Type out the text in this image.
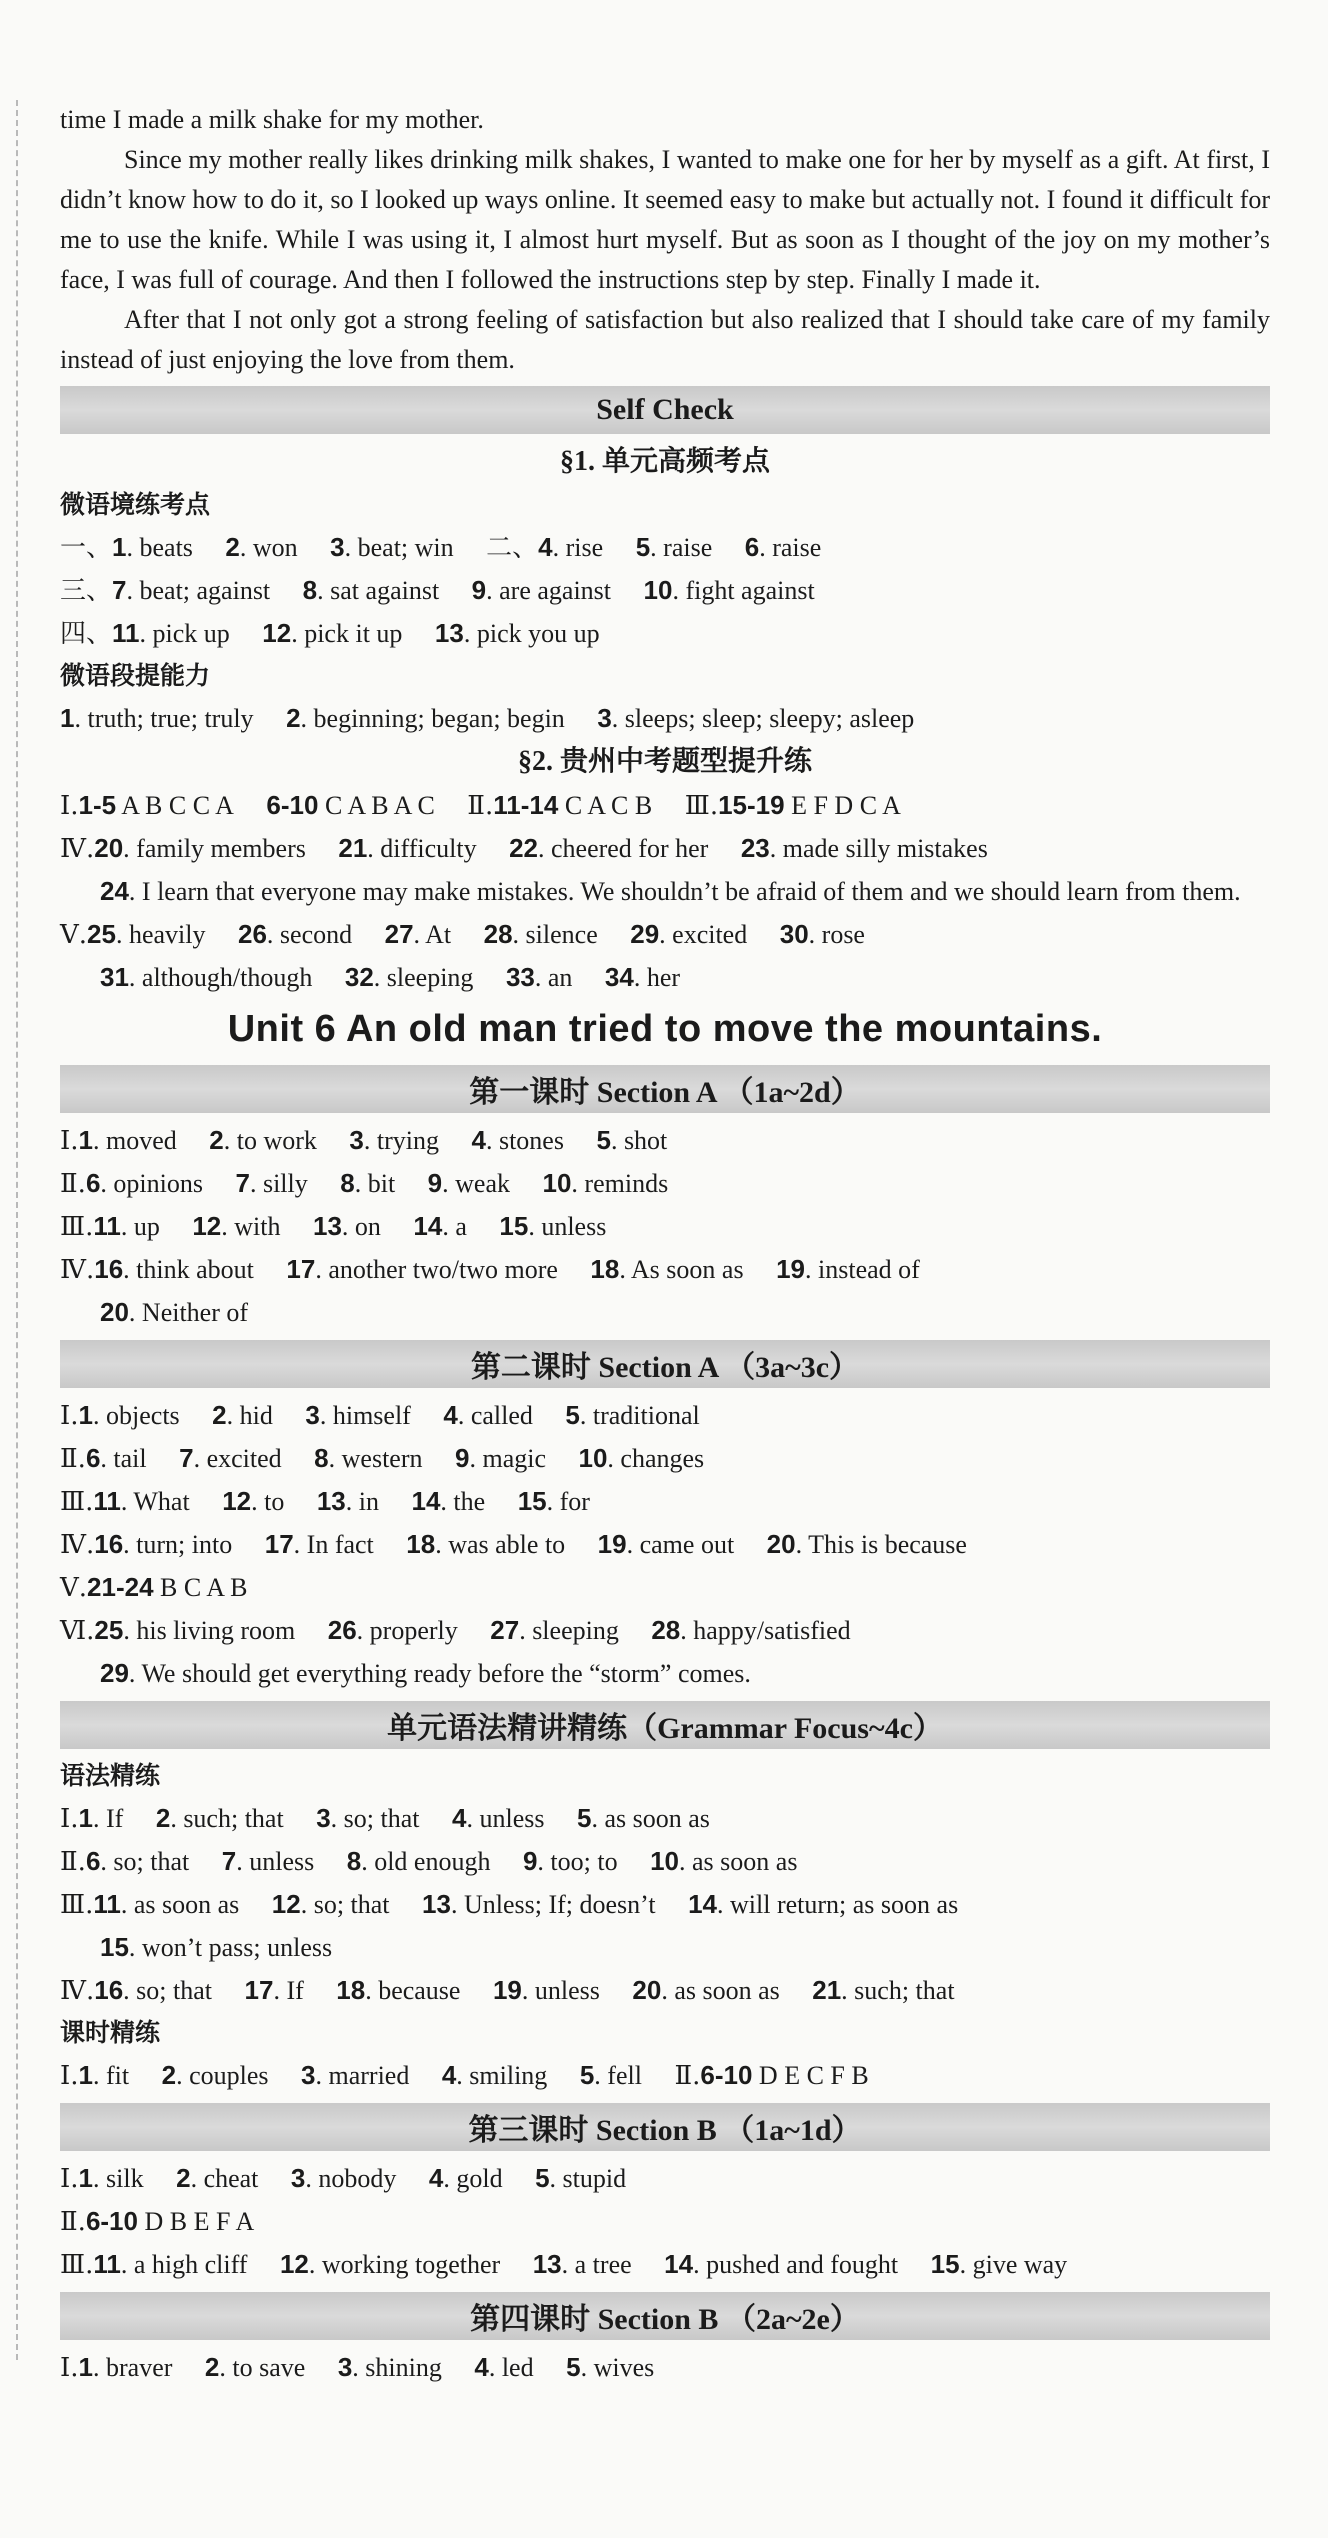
time I made a milk shake for my mother.

Since my mother really likes drinking milk shakes, I wanted to make one for her by myself as a gift. At first, I didn’t know how to do it, so I looked up ways online. It seemed easy to make but actually not. I found it difficult for me to use the knife. While I was using it, I almost hurt myself. But as soon as I thought of the joy on my mother’s face, I was full of courage. And then I followed the instructions step by step. Finally I made it.

After that I not only got a strong feeling of satisfaction but also realized that I should take care of my family instead of just enjoying the love from them.

Self Check
§1. 单元高频考点
微语境练考点
一、1. beats 2. won 3. beat; win 二、4. rise 5. raise 6. raise
三、7. beat; against 8. sat against 9. are against 10. fight against
四、11. pick up 12. pick it up 13. pick you up
微语段提能力
1. truth; true; truly 2. beginning; began; begin 3. sleeps; sleep; sleepy; asleep
§2. 贵州中考题型提升练
Ⅰ.1-5 A B C C A 6-10 C A B A C Ⅱ.11-14 C A C B Ⅲ.15-19 E F D C A
Ⅳ.20. family members 21. difficulty 22. cheered for her 23. made silly mistakes
24. I learn that everyone may make mistakes. We shouldn’t be afraid of them and we should learn from them.
Ⅴ.25. heavily 26. second 27. At 28. silence 29. excited 30. rose
31. although/though 32. sleeping 33. an 34. her
Unit 6 An old man tried to move the mountains.
第一课时 Section A （1a~2d）
Ⅰ.1. moved 2. to work 3. trying 4. stones 5. shot
Ⅱ.6. opinions 7. silly 8. bit 9. weak 10. reminds
Ⅲ.11. up 12. with 13. on 14. a 15. unless
Ⅳ.16. think about 17. another two/two more 18. As soon as 19. instead of
20. Neither of
第二课时 Section A （3a~3c）
Ⅰ.1. objects 2. hid 3. himself 4. called 5. traditional
Ⅱ.6. tail 7. excited 8. western 9. magic 10. changes
Ⅲ.11. What 12. to 13. in 14. the 15. for
Ⅳ.16. turn; into 17. In fact 18. was able to 19. came out 20. This is because
Ⅴ.21-24 B C A B
Ⅵ.25. his living room 26. properly 27. sleeping 28. happy/satisfied
29. We should get everything ready before the “storm” comes.
单元语法精讲精练（Grammar Focus~4c）
语法精练
Ⅰ.1. If 2. such; that 3. so; that 4. unless 5. as soon as
Ⅱ.6. so; that 7. unless 8. old enough 9. too; to 10. as soon as
Ⅲ.11. as soon as 12. so; that 13. Unless; If; doesn’t 14. will return; as soon as
15. won’t pass; unless
Ⅳ.16. so; that 17. If 18. because 19. unless 20. as soon as 21. such; that
课时精练
Ⅰ.1. fit 2. couples 3. married 4. smiling 5. fell Ⅱ.6-10 D E C F B
第三课时 Section B （1a~1d）
Ⅰ.1. silk 2. cheat 3. nobody 4. gold 5. stupid
Ⅱ.6-10 D B E F A
Ⅲ.11. a high cliff 12. working together 13. a tree 14. pushed and fought 15. give way
第四课时 Section B （2a~2e）
Ⅰ.1. braver 2. to save 3. shining 4. led 5. wives
